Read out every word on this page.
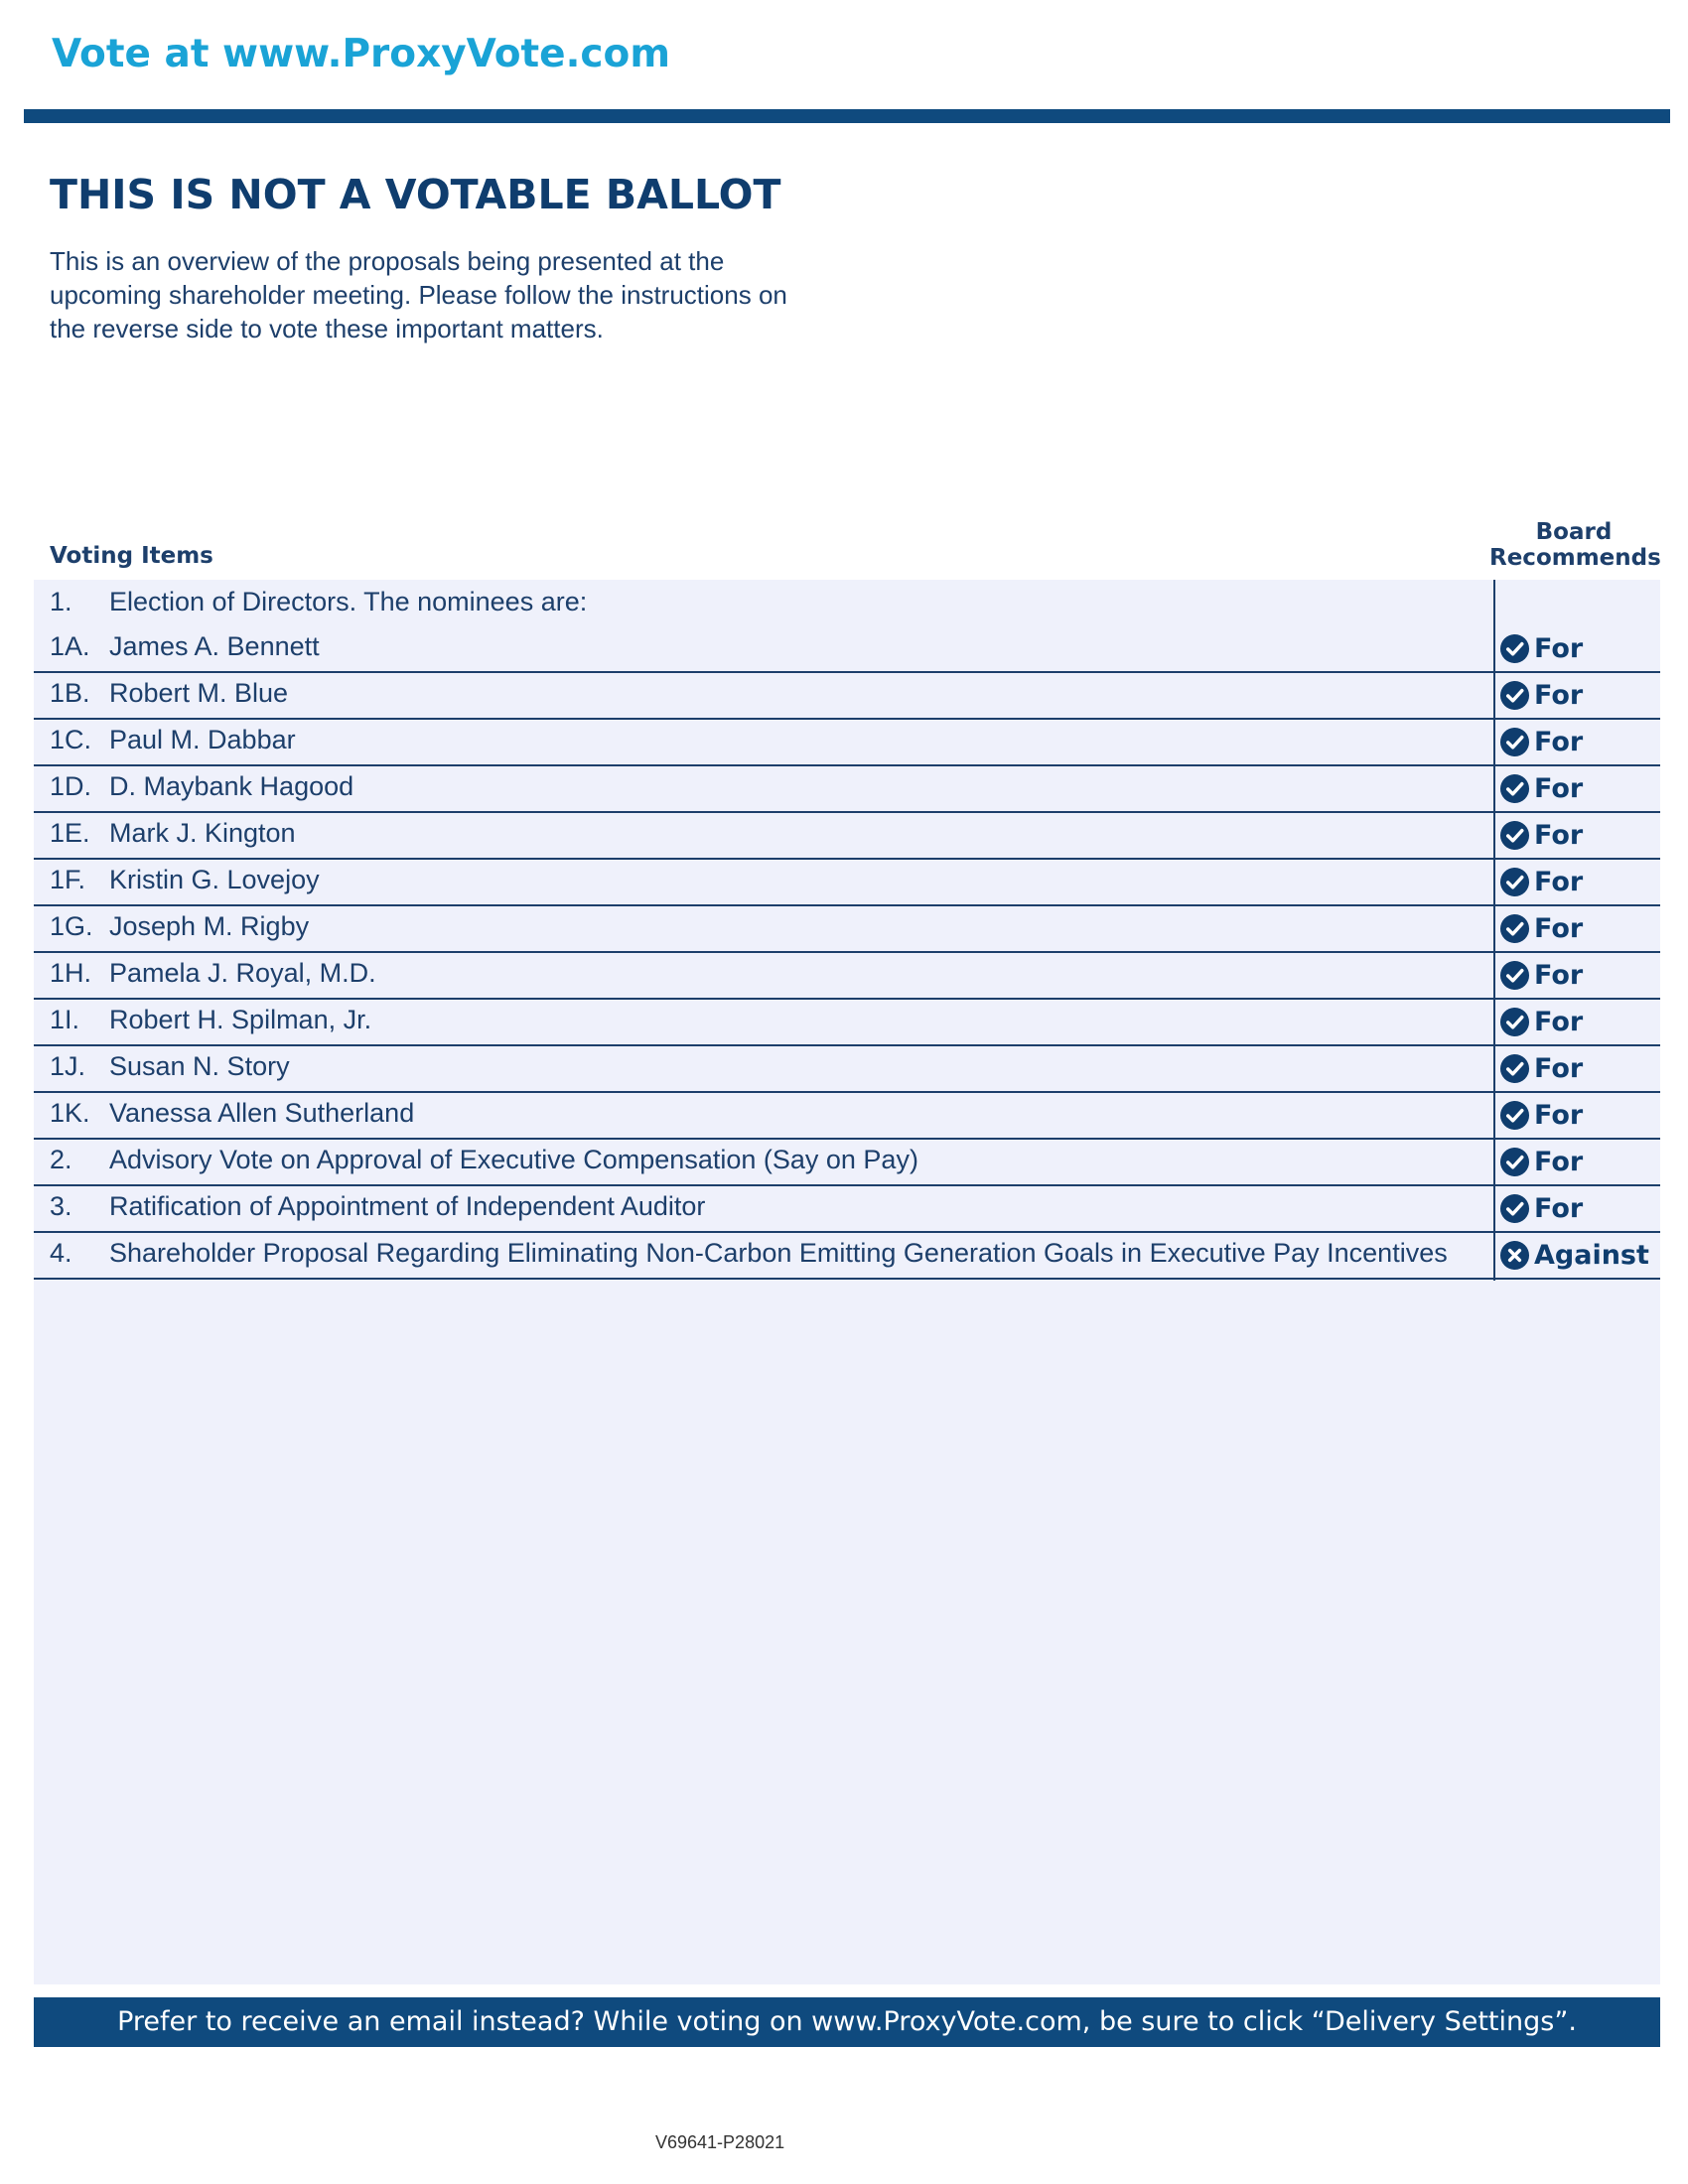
Vote at www.ProxyVote.com
THIS IS NOT A VOTABLE BALLOT
This is an overview of the proposals being presented at the
upcoming shareholder meeting. Please follow the instructions on
the reverse side to vote these important matters.
Voting Items
Board
Recommends
1. Election of Directors. The nominees are:
1A. James A. Bennett	For
1B. Robert M. Blue	For
1C. Paul M. Dabbar	For
1D. D. Maybank Hagood	For
1E. Mark J. Kington	For
1F. Kristin G. Lovejoy	For
1G. Joseph M. Rigby	For
1H. Pamela J. Royal, M.D.	For
1I. Robert H. Spilman, Jr.	For
1J. Susan N. Story	For
1K. Vanessa Allen Sutherland	For
2. Advisory Vote on Approval of Executive Compensation (Say on Pay)	For
3. Ratification of Appointment of Independent Auditor	For
4. Shareholder Proposal Regarding Eliminating Non-Carbon Emitting Generation Goals in Executive Pay Incentives	Against
Prefer to receive an email instead? While voting on www.ProxyVote.com, be sure to click “Delivery Settings”.
V69641-P28021
